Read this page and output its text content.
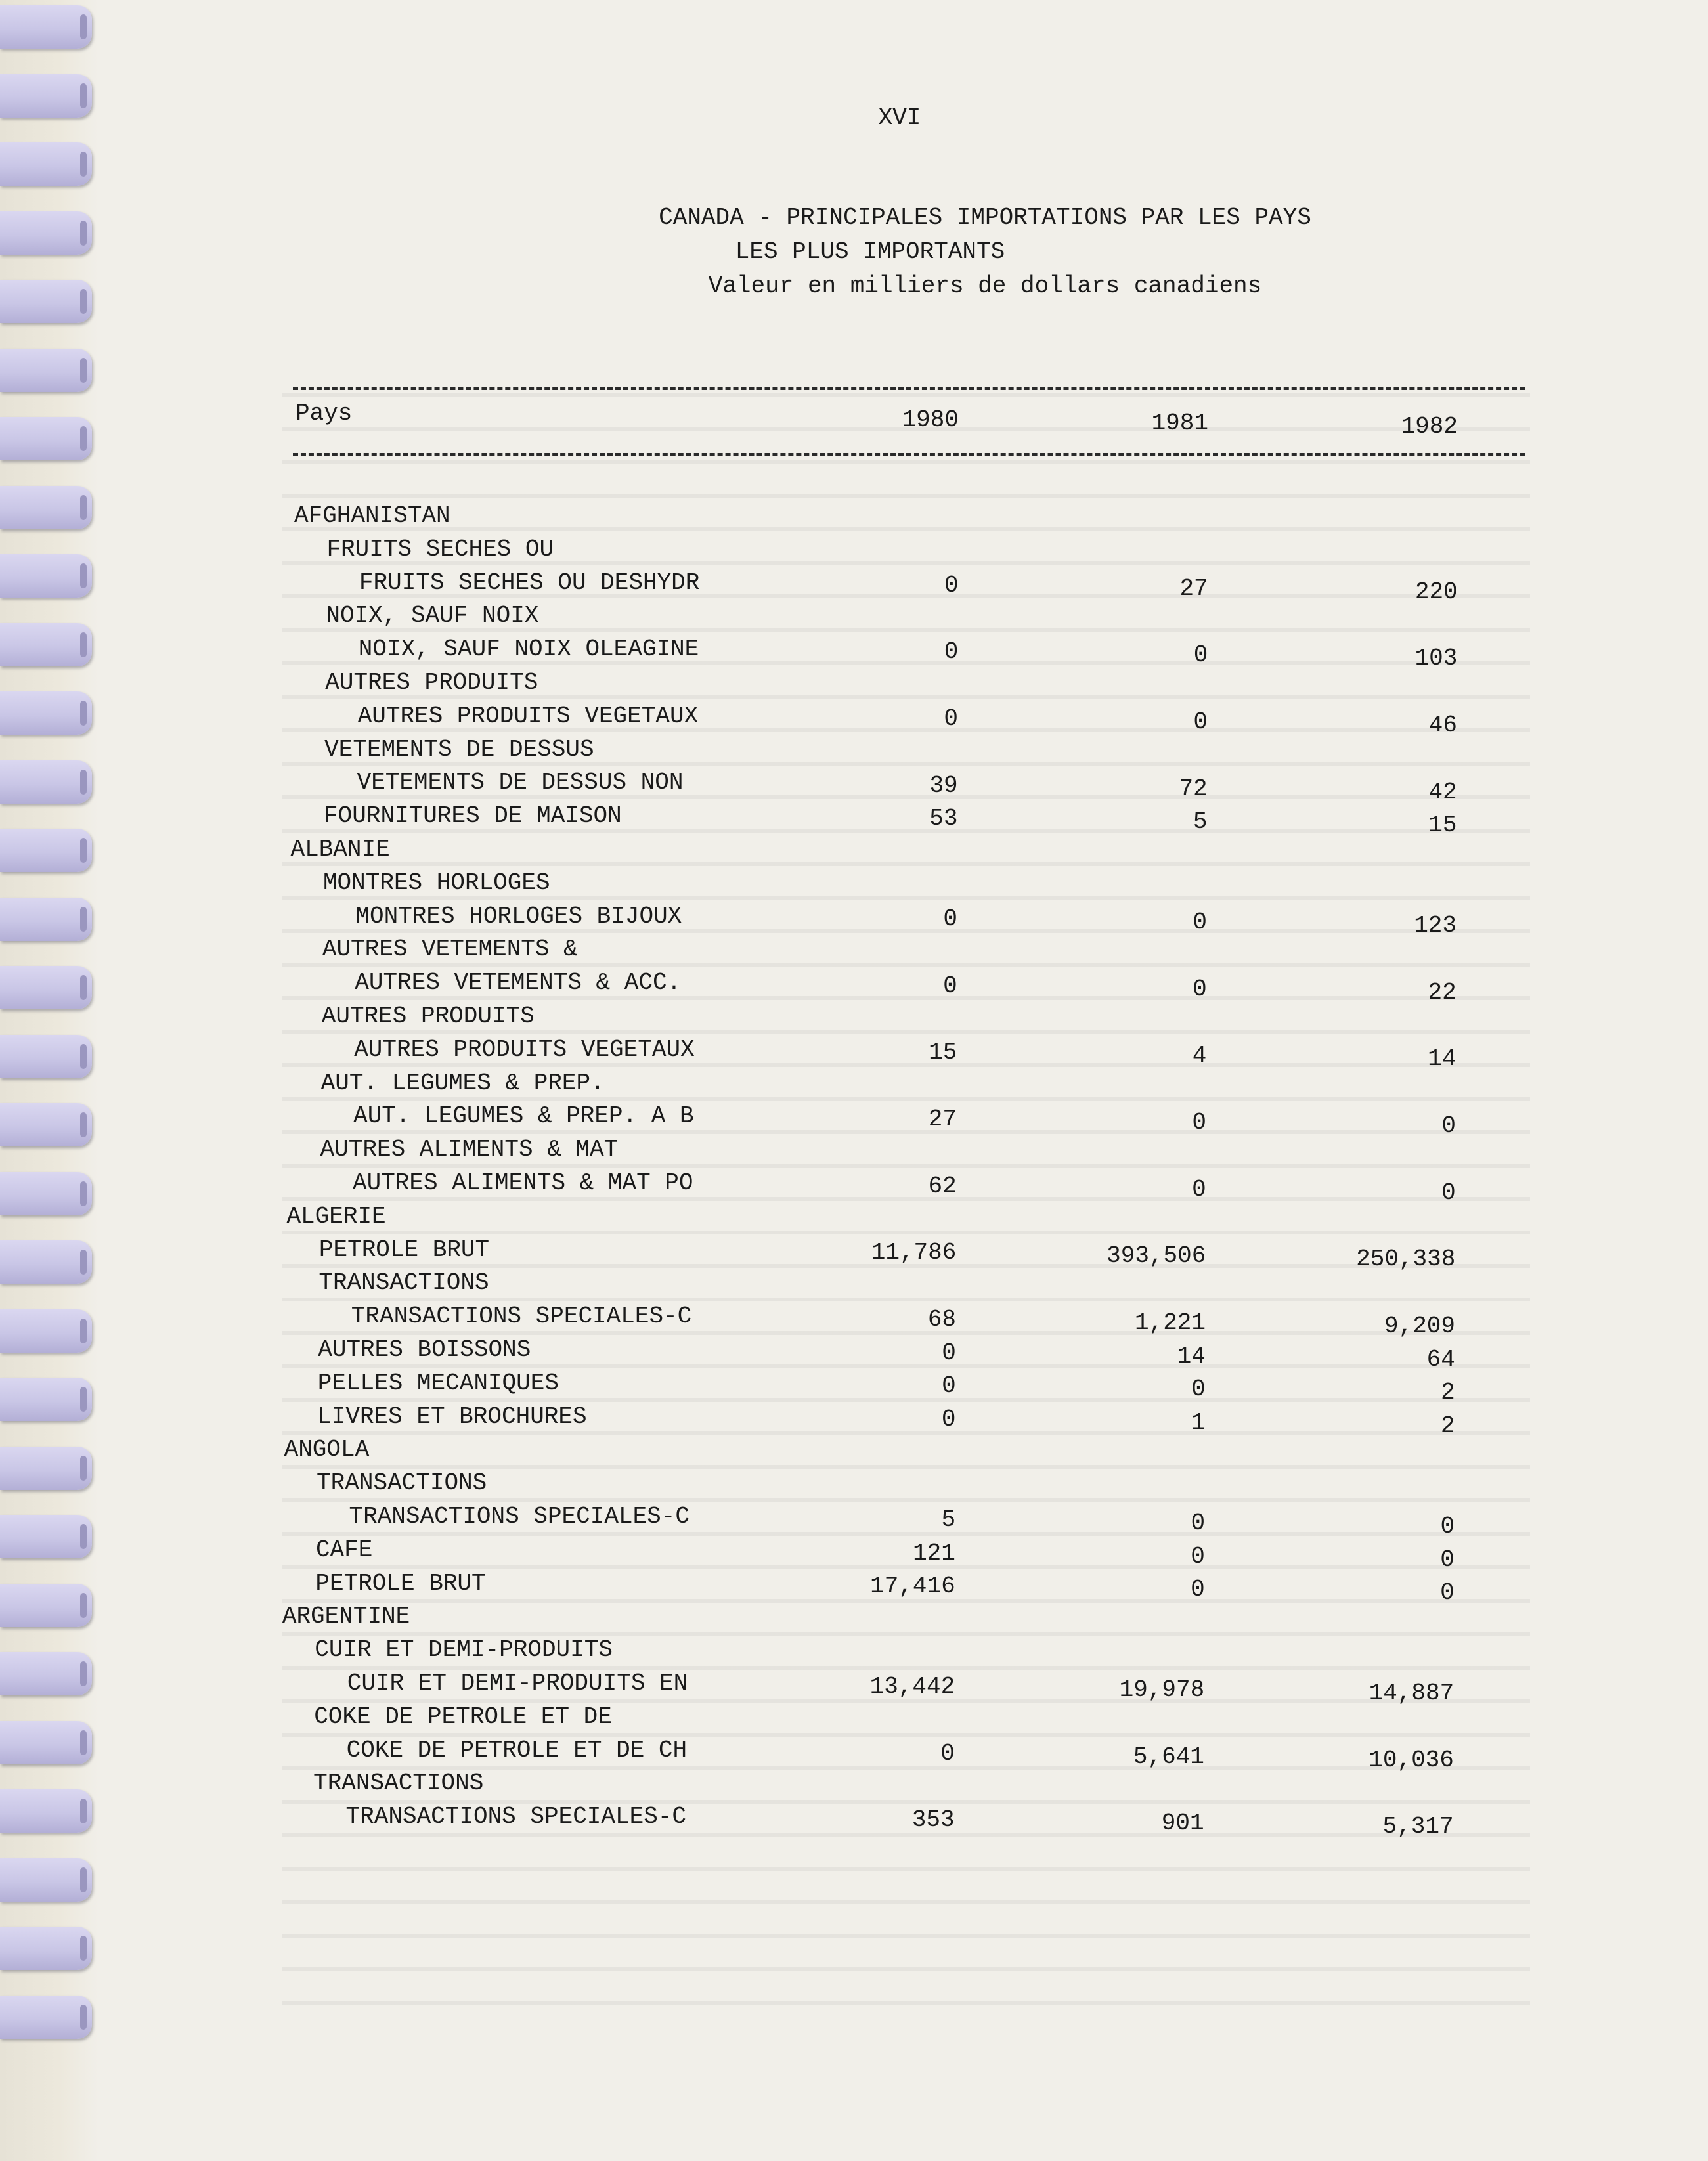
XVI
CANADA - PRINCIPALES IMPORTATIONS PAR LES PAYS
LES PLUS IMPORTANTS
Valeur en milliers de dollars canadiens
Pays	1980	1981	1982
AFGHANISTAN
FRUITS SECHES OU
FRUITS SECHES OU DESHYDR	0	27	220
NOIX, SAUF NOIX
NOIX, SAUF NOIX OLEAGINE	0	0	103
AUTRES PRODUITS
AUTRES PRODUITS VEGETAUX	0	0	46
VETEMENTS DE DESSUS
VETEMENTS DE DESSUS NON	39	72	42
FOURNITURES DE MAISON	53	5	15
ALBANIE
MONTRES HORLOGES
MONTRES HORLOGES BIJOUX	0	0	123
AUTRES VETEMENTS &
AUTRES VETEMENTS & ACC.	0	0	22
AUTRES PRODUITS
AUTRES PRODUITS VEGETAUX	15	4	14
AUT. LEGUMES & PREP.
AUT. LEGUMES & PREP. A B	27	0	0
AUTRES ALIMENTS & MAT
AUTRES ALIMENTS & MAT PO	62	0	0
ALGERIE
PETROLE BRUT	11,786	393,506	250,338
TRANSACTIONS
TRANSACTIONS SPECIALES-C	68	1,221	9,209
AUTRES BOISSONS	0	14	64
PELLES MECANIQUES	0	0	2
LIVRES ET BROCHURES	0	1	2
ANGOLA
TRANSACTIONS
TRANSACTIONS SPECIALES-C	5	0	0
CAFE	121	0	0
PETROLE BRUT	17,416	0	0
ARGENTINE
CUIR ET DEMI-PRODUITS
CUIR ET DEMI-PRODUITS EN	13,442	19,978	14,887
COKE DE PETROLE ET DE
COKE DE PETROLE ET DE CH	0	5,641	10,036
TRANSACTIONS
TRANSACTIONS SPECIALES-C	353	901	5,317
